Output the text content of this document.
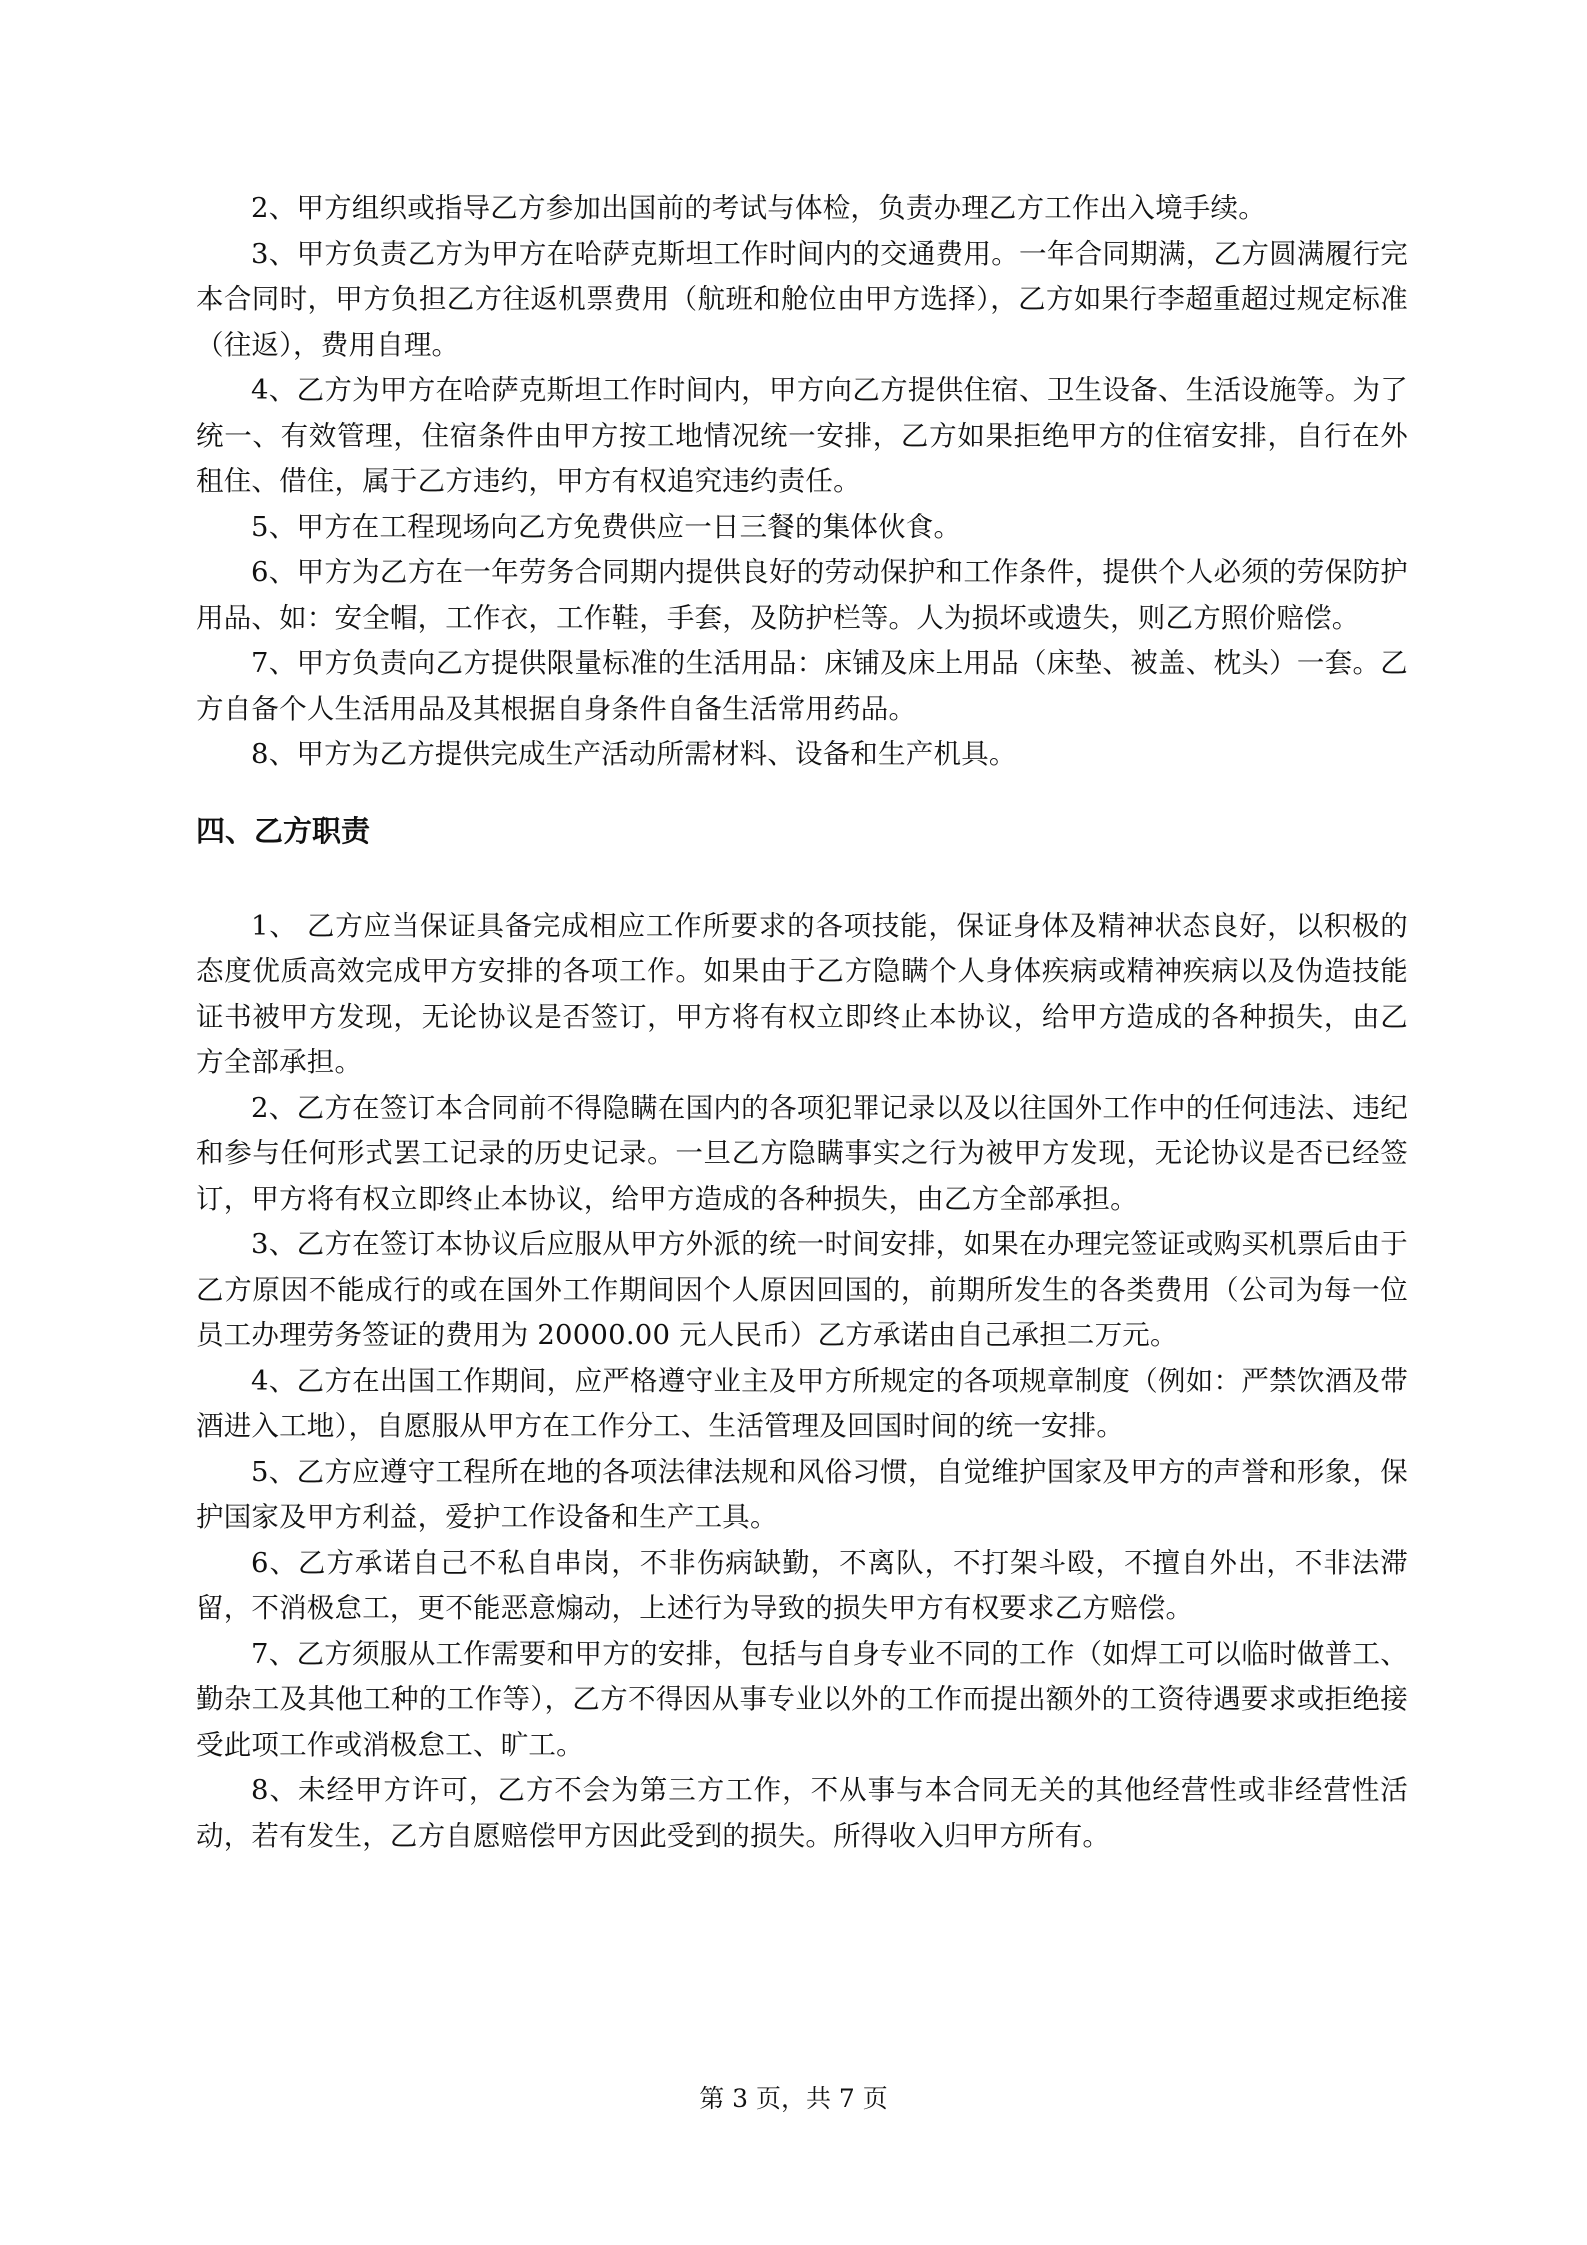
2、甲方组织或指导乙方参加出国前的考试与体检，负责办理乙方工作出入境手续。

3、甲方负责乙方为甲方在哈萨克斯坦工作时间内的交通费用。一年合同期满，乙方圆满履行完本合同时，甲方负担乙方往返机票费用（航班和舱位由甲方选择），乙方如果行李超重超过规定标准（往返），费用自理。

4、乙方为甲方在哈萨克斯坦工作时间内，甲方向乙方提供住宿、卫生设备、生活设施等。为了统一、有效管理，住宿条件由甲方按工地情况统一安排，乙方如果拒绝甲方的住宿安排，自行在外租住、借住，属于乙方违约，甲方有权追究违约责任。

5、甲方在工程现场向乙方免费供应一日三餐的集体伙食。

6、甲方为乙方在一年劳务合同期内提供良好的劳动保护和工作条件，提供个人必须的劳保防护用品、如：安全帽，工作衣，工作鞋，手套，及防护栏等。人为损坏或遗失，则乙方照价赔偿。

7、甲方负责向乙方提供限量标准的生活用品：床铺及床上用品（床垫、被盖、枕头）一套。乙方自备个人生活用品及其根据自身条件自备生活常用药品。

8、甲方为乙方提供完成生产活动所需材料、设备和生产机具。

四、乙方职责

1、 乙方应当保证具备完成相应工作所要求的各项技能，保证身体及精神状态良好，以积极的态度优质高效完成甲方安排的各项工作。如果由于乙方隐瞒个人身体疾病或精神疾病以及伪造技能证书被甲方发现，无论协议是否签订，甲方将有权立即终止本协议，给甲方造成的各种损失，由乙方全部承担。

2、乙方在签订本合同前不得隐瞒在国内的各项犯罪记录以及以往国外工作中的任何违法、违纪和参与任何形式罢工记录的历史记录。一旦乙方隐瞒事实之行为被甲方发现，无论协议是否已经签订，甲方将有权立即终止本协议，给甲方造成的各种损失，由乙方全部承担。

3、乙方在签订本协议后应服从甲方外派的统一时间安排，如果在办理完签证或购买机票后由于乙方原因不能成行的或在国外工作期间因个人原因回国的，前期所发生的各类费用（公司为每一位员工办理劳务签证的费用为 20000.00 元人民币）乙方承诺由自己承担二万元。

4、乙方在出国工作期间，应严格遵守业主及甲方所规定的各项规章制度（例如：严禁饮酒及带酒进入工地），自愿服从甲方在工作分工、生活管理及回国时间的统一安排。

5、乙方应遵守工程所在地的各项法律法规和风俗习惯，自觉维护国家及甲方的声誉和形象，保护国家及甲方利益，爱护工作设备和生产工具。

6、乙方承诺自己不私自串岗，不非伤病缺勤，不离队，不打架斗殴，不擅自外出，不非法滞留，不消极怠工，更不能恶意煽动，上述行为导致的损失甲方有权要求乙方赔偿。

7、乙方须服从工作需要和甲方的安排，包括与自身专业不同的工作（如焊工可以临时做普工、勤杂工及其他工种的工作等），乙方不得因从事专业以外的工作而提出额外的工资待遇要求或拒绝接受此项工作或消极怠工、旷工。

8、未经甲方许可，乙方不会为第三方工作，不从事与本合同无关的其他经营性或非经营性活动，若有发生，乙方自愿赔偿甲方因此受到的损失。所得收入归甲方所有。

第 3 页，共 7 页
